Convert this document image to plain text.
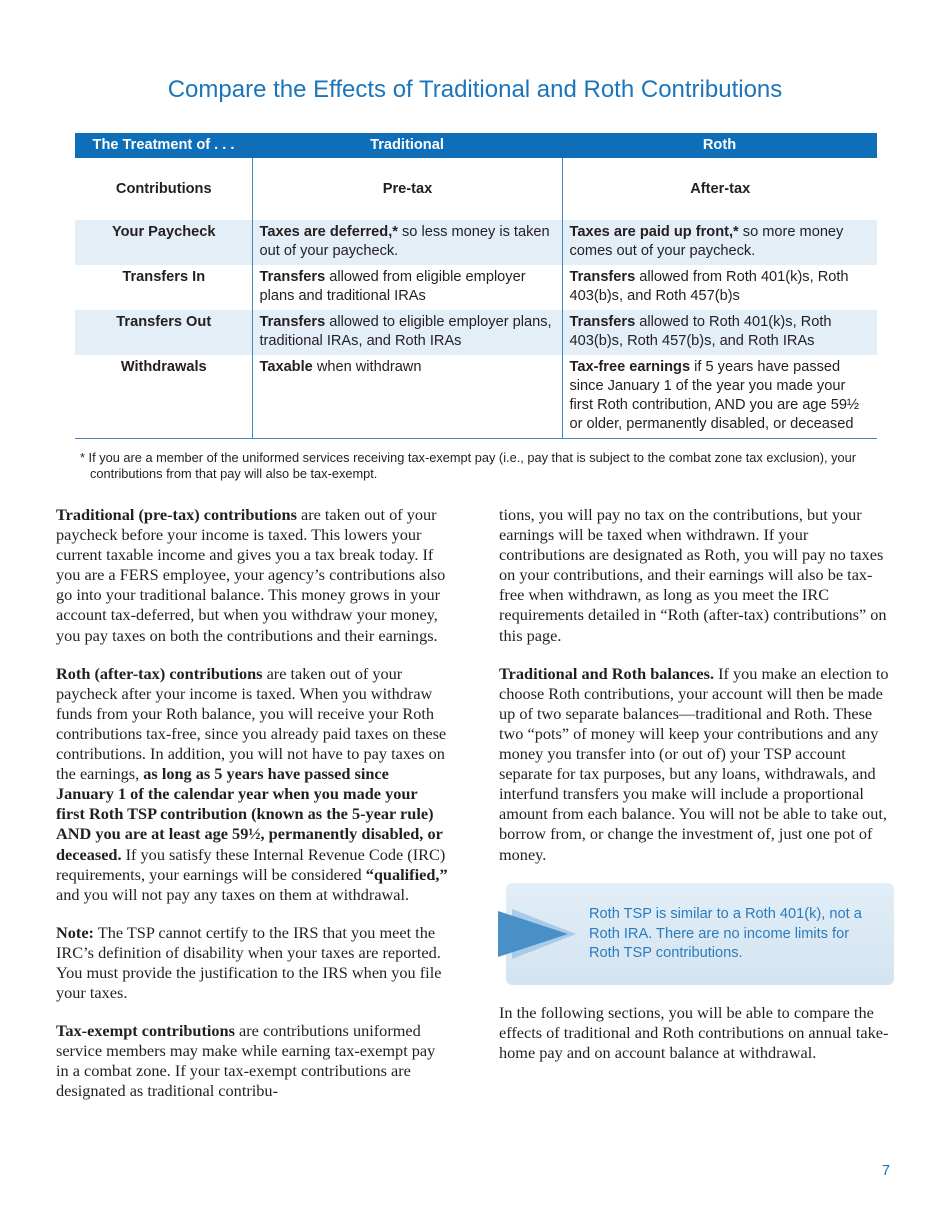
Compare the Effects of Traditional and Roth Contributions
The Treatment of . . .	Traditional	Roth
Contributions	Pre-tax	After-tax
Your Paycheck	Taxes are deferred,* so less money is taken out of your paycheck.	Taxes are paid up front,* so more money comes out of your paycheck.
Transfers In	Transfers allowed from eligible employer plans and traditional IRAs	Transfers allowed from Roth 401(k)s, Roth 403(b)s, and Roth 457(b)s
Transfers Out	Transfers allowed to eligible employer plans, traditional IRAs, and Roth IRAs	Transfers allowed to Roth 401(k)s, Roth 403(b)s, Roth 457(b)s, and Roth IRAs
Withdrawals	Taxable when withdrawn	Tax-free earnings if 5 years have passed since January 1 of the year you made your first Roth contribution, AND you are age 59½ or older, permanently disabled, or deceased

* If you are a member of the uniformed services receiving tax-exempt pay (i.e., pay that is subject to the combat zone tax exclusion), your contributions from that pay will also be tax-exempt.

Traditional (pre-tax) contributions are taken out of your paycheck before your income is taxed. This lowers your current taxable income and gives you a tax break today. If you are a FERS employee, your agency’s contributions also go into your traditional balance. This money grows in your account tax-deferred, but when you withdraw your money, you pay taxes on both the contributions and their earnings.

Roth (after-tax) contributions are taken out of your paycheck after your income is taxed. When you withdraw funds from your Roth balance, you will receive your Roth contributions tax-free, since you already paid taxes on these contributions. In addition, you will not have to pay taxes on the earnings, as long as 5 years have passed since January 1 of the calendar year when you made your first Roth TSP contribution (known as the 5-year rule) AND you are at least age 59½, permanently disabled, or deceased. If you satisfy these Internal Revenue Code (IRC) requirements, your earnings will be considered “qualified,” and you will not pay any taxes on them at withdrawal.

Note: The TSP cannot certify to the IRS that you meet the IRC’s definition of disability when your taxes are reported. You must provide the justification to the IRS when you file your taxes.

Tax-exempt contributions are contributions uniformed service members may make while earning tax-exempt pay in a combat zone. If your tax-exempt contributions are designated as traditional contribu-

tions, you will pay no tax on the contributions, but your earnings will be taxed when withdrawn. If your contributions are designated as Roth, you will pay no taxes on your contributions, and their earnings will also be tax-free when withdrawn, as long as you meet the IRC requirements detailed in “Roth (after-tax) contributions” on this page.

Traditional and Roth balances. If you make an election to choose Roth contributions, your account will then be made up of two separate balances—traditional and Roth. These two “pots” of money will keep your contributions and any money you transfer into (or out of) your TSP account separate for tax purposes, but any loans, withdrawals, and interfund transfers you make will include a proportional amount from each balance. You will not be able to take out, borrow from, or change the investment of, just one pot of money.

Roth TSP is similar to a Roth 401(k), not a Roth IRA. There are no income limits for Roth TSP contributions.

In the following sections, you will be able to compare the effects of traditional and Roth contributions on annual take-home pay and on account balance at withdrawal.

7
